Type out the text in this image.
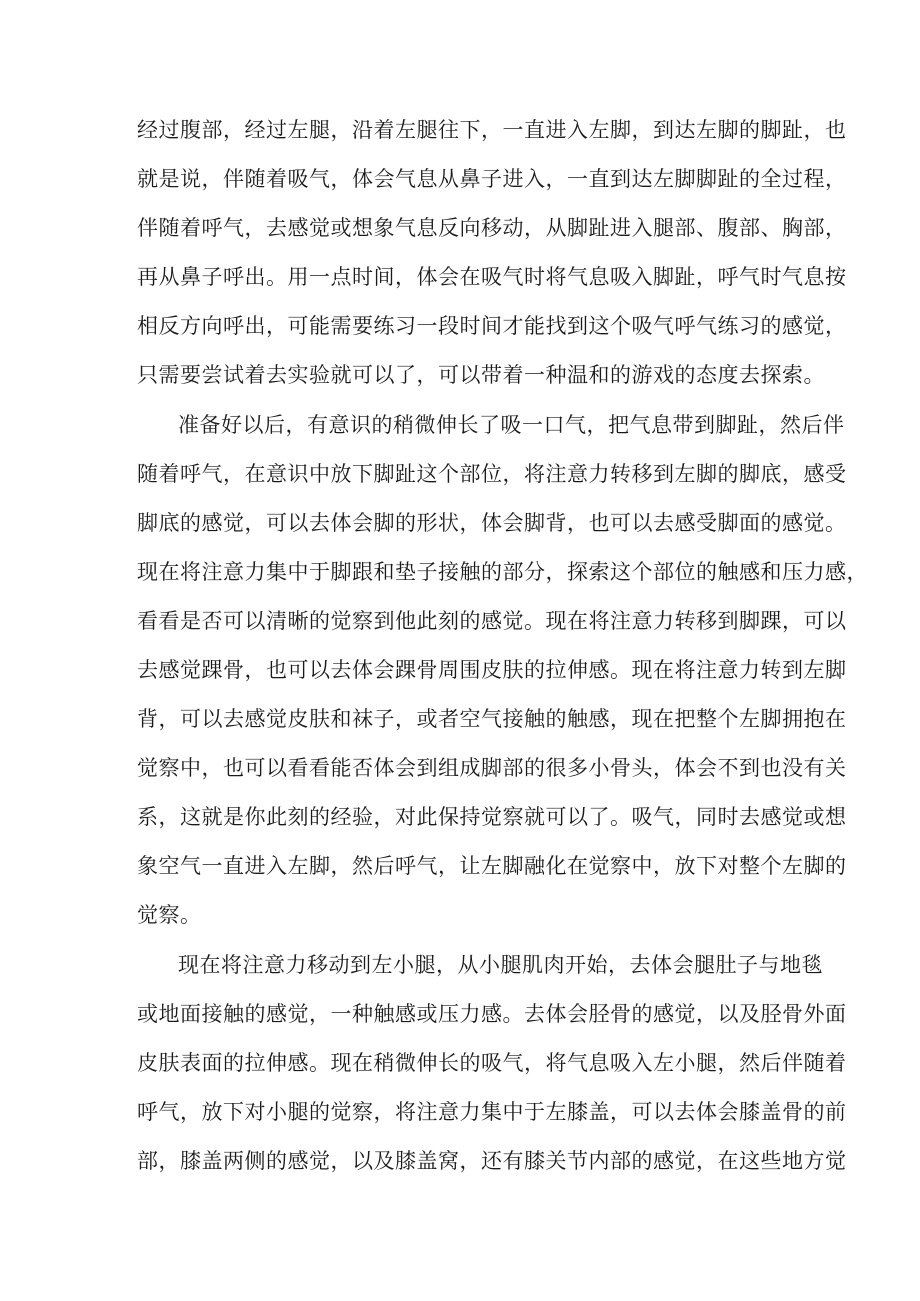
经过腹部，经过左腿，沿着左腿往下，一直进入左脚，到达左脚的脚趾，也
就是说，伴随着吸气，体会气息从鼻子进入，一直到达左脚脚趾的全过程，
伴随着呼气，去感觉或想象气息反向移动，从脚趾进入腿部、腹部、胸部，
再从鼻子呼出。用一点时间，体会在吸气时将气息吸入脚趾，呼气时气息按
相反方向呼出，可能需要练习一段时间才能找到这个吸气呼气练习的感觉，
只需要尝试着去实验就可以了，可以带着一种温和的游戏的态度去探索。
准备好以后，有意识的稍微伸长了吸一口气，把气息带到脚趾，然后伴
随着呼气，在意识中放下脚趾这个部位，将注意力转移到左脚的脚底，感受
脚底的感觉，可以去体会脚的形状，体会脚背，也可以去感受脚面的感觉。
现在将注意力集中于脚跟和垫子接触的部分，探索这个部位的触感和压力感，
看看是否可以清晰的觉察到他此刻的感觉。现在将注意力转移到脚踝，可以
去感觉踝骨，也可以去体会踝骨周围皮肤的拉伸感。现在将注意力转到左脚
背，可以去感觉皮肤和袜子，或者空气接触的触感，现在把整个左脚拥抱在
觉察中，也可以看看能否体会到组成脚部的很多小骨头，体会不到也没有关
系，这就是你此刻的经验，对此保持觉察就可以了。吸气，同时去感觉或想
象空气一直进入左脚，然后呼气，让左脚融化在觉察中，放下对整个左脚的
觉察。
现在将注意力移动到左小腿，从小腿肌肉开始，去体会腿肚子与地毯
或地面接触的感觉，一种触感或压力感。去体会胫骨的感觉，以及胫骨外面
皮肤表面的拉伸感。现在稍微伸长的吸气，将气息吸入左小腿，然后伴随着
呼气，放下对小腿的觉察，将注意力集中于左膝盖，可以去体会膝盖骨的前
部，膝盖两侧的感觉，以及膝盖窝，还有膝关节内部的感觉，在这些地方觉
